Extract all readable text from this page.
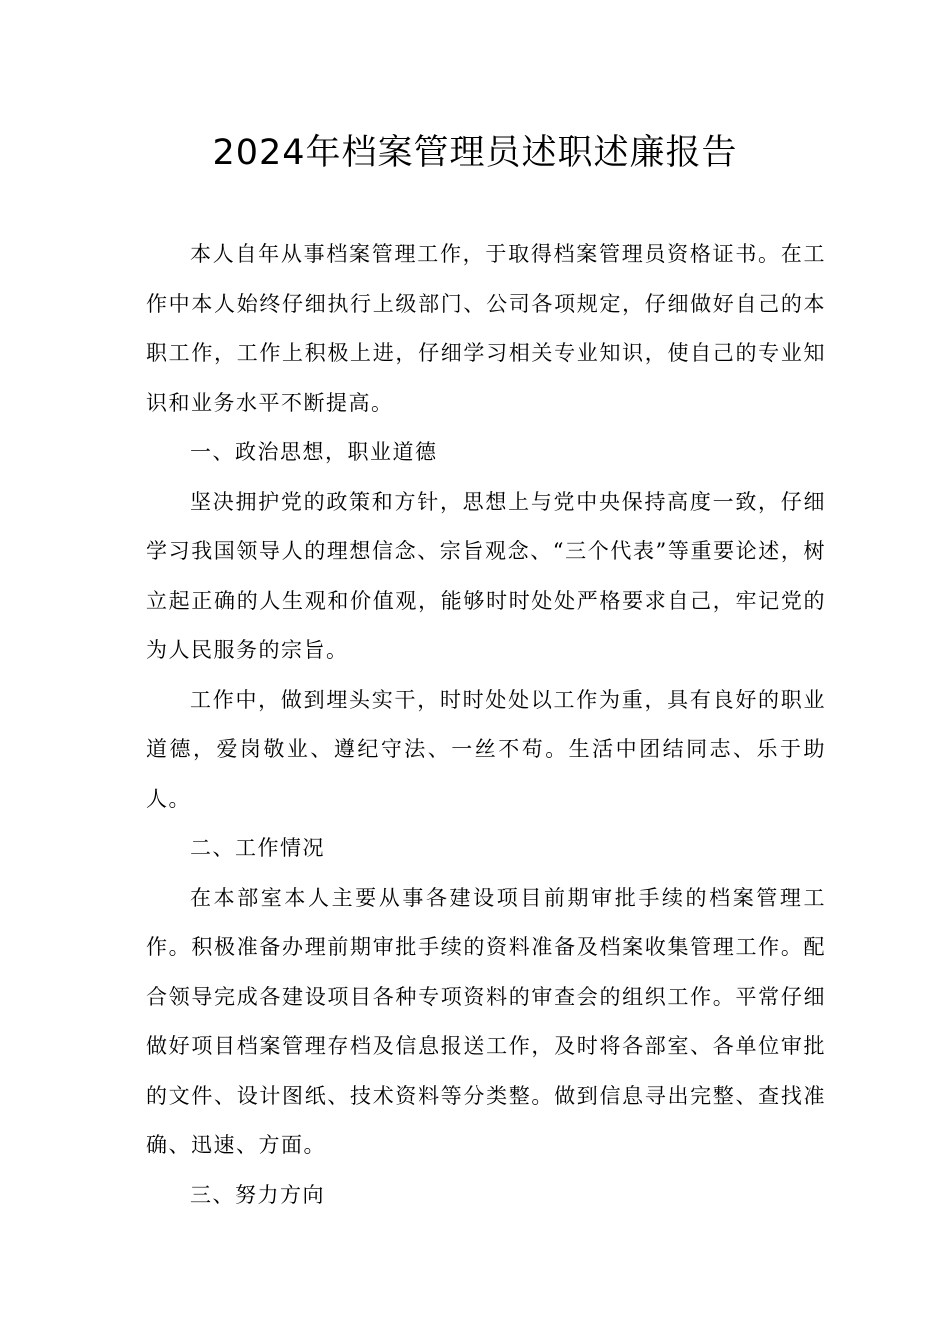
2024年档案管理员述职述廉报告

本人自年从事档案管理工作，于取得档案管理员资格证书。在工作中本人始终仔细执行上级部门、公司各项规定，仔细做好自己的本职工作，工作上积极上进，仔细学习相关专业知识，使自己的专业知识和业务水平不断提高。

一、政治思想，职业道德

坚决拥护党的政策和方针，思想上与党中央保持高度一致，仔细学习我国领导人的理想信念、宗旨观念、“三个代表”等重要论述，树立起正确的人生观和价值观，能够时时处处严格要求自己，牢记党的为人民服务的宗旨。

工作中，做到埋头实干，时时处处以工作为重，具有良好的职业道德，爱岗敬业、遵纪守法、一丝不苟。生活中团结同志、乐于助人。

二、工作情况

在本部室本人主要从事各建设项目前期审批手续的档案管理工作。积极准备办理前期审批手续的资料准备及档案收集管理工作。配合领导完成各建设项目各种专项资料的审查会的组织工作。平常仔细做好项目档案管理存档及信息报送工作，及时将各部室、各单位审批的文件、设计图纸、技术资料等分类整。做到信息寻出完整、查找准确、迅速、方面。

三、努力方向
